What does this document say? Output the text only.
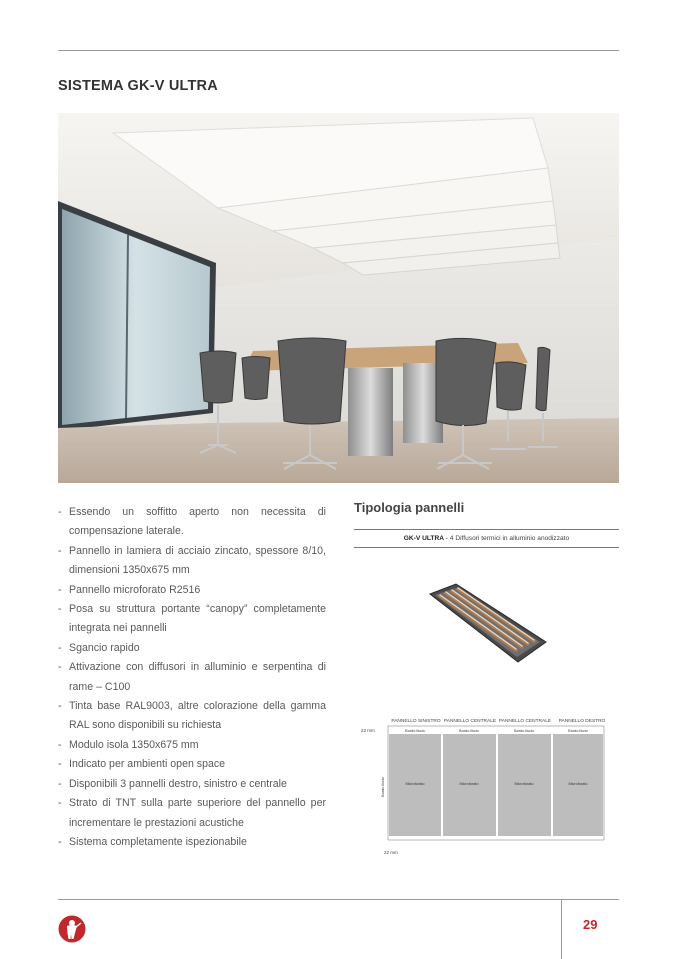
SISTEMA GK-V ULTRA
- Essendo un soffitto aperto non necessita di compensazione laterale.
- Pannello in lamiera di acciaio zincato, spessore 8/10, dimensioni 1350x675 mm
- Pannello microforato R2516
- Posa su struttura portante “canopy” completamente integrata nei pannelli
- Sgancio rapido
- Attivazione con diffusori in alluminio e serpentina di rame – C100
- Tinta base RAL9003, altre colorazione della gamma RAL sono disponibili su richiesta
- Modulo isola 1350x675 mm
- Indicato per ambienti open space
- Disponibili 3 pannelli destro, sinistro e centrale
- Strato di TNT sulla parte superiore del pannello per incrementare le prestazioni acustiche
- Sistema completamente ispezionabile
Tipologia pannelli
GK-V ULTRA - 4 Diffusori termici in alluminio anodizzato
PANNELLO SINISTRO PANNELLO CENTRALE PANNELLO CENTRALE PANNELLO DESTRO
22 mm	Bordo liscio	Bordo liscio	Bordo liscio	Bordo liscio
Microforato	Microforato	Microforato	Microforato
Bordo liscio
22 mm
29
